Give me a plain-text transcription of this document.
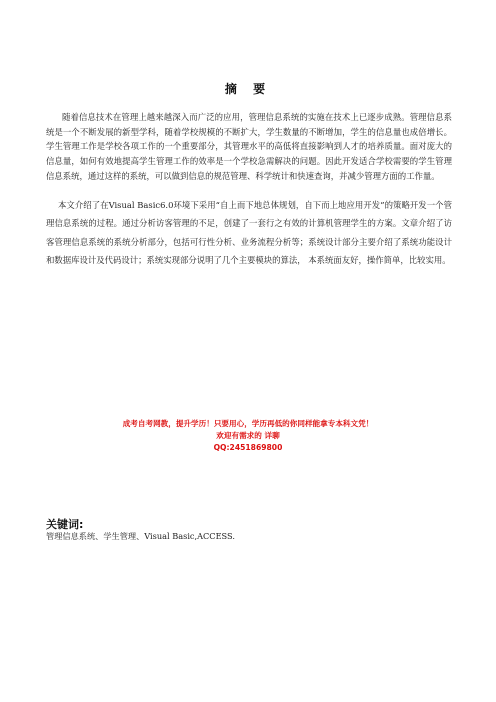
摘 要

随着信息技术在管理上越来越深入而广泛的应用，管理信息系统的实施在技术上已逐步成熟。管理信息系统是一个不断发展的新型学科，随着学校规模的不断扩大，学生数量的不断增加，学生的信息量也成倍增长。学生管理工作是学校各项工作的一个重要部分，其管理水平的高低将直接影响到人才的培养质量。面对庞大的信息量，如何有效地提高学生管理工作的效率是一个学校急需解决的问题。因此开发适合学校需要的学生管理信息系统，通过这样的系统，可以做到信息的规范管理、科学统计和快速查询，并减少管理方面的工作量。

本文介绍了在Visual Basic6.0环境下采用“自上而下地总体规划，自下而上地应用开发”的策略开发一个管理信息系统的过程。通过分析访客管理的不足，创建了一套行之有效的计算机管理学生的方案。文章介绍了访客管理信息系统的系统分析部分，包括可行性分析、业务流程分析等；系统设计部分主要介绍了系统功能设计和数据库设计及代码设计；系统实现部分说明了几个主要模块的算法， 本系统面友好，操作简单，比较实用。

成考自考网教，提升学历！只要用心，学历再低的你同样能拿专本科文凭！
欢迎有需求的 详聊
QQ:2451869800
关键词:
管理信息系统、学生管理、Visual Basic,ACCESS.
